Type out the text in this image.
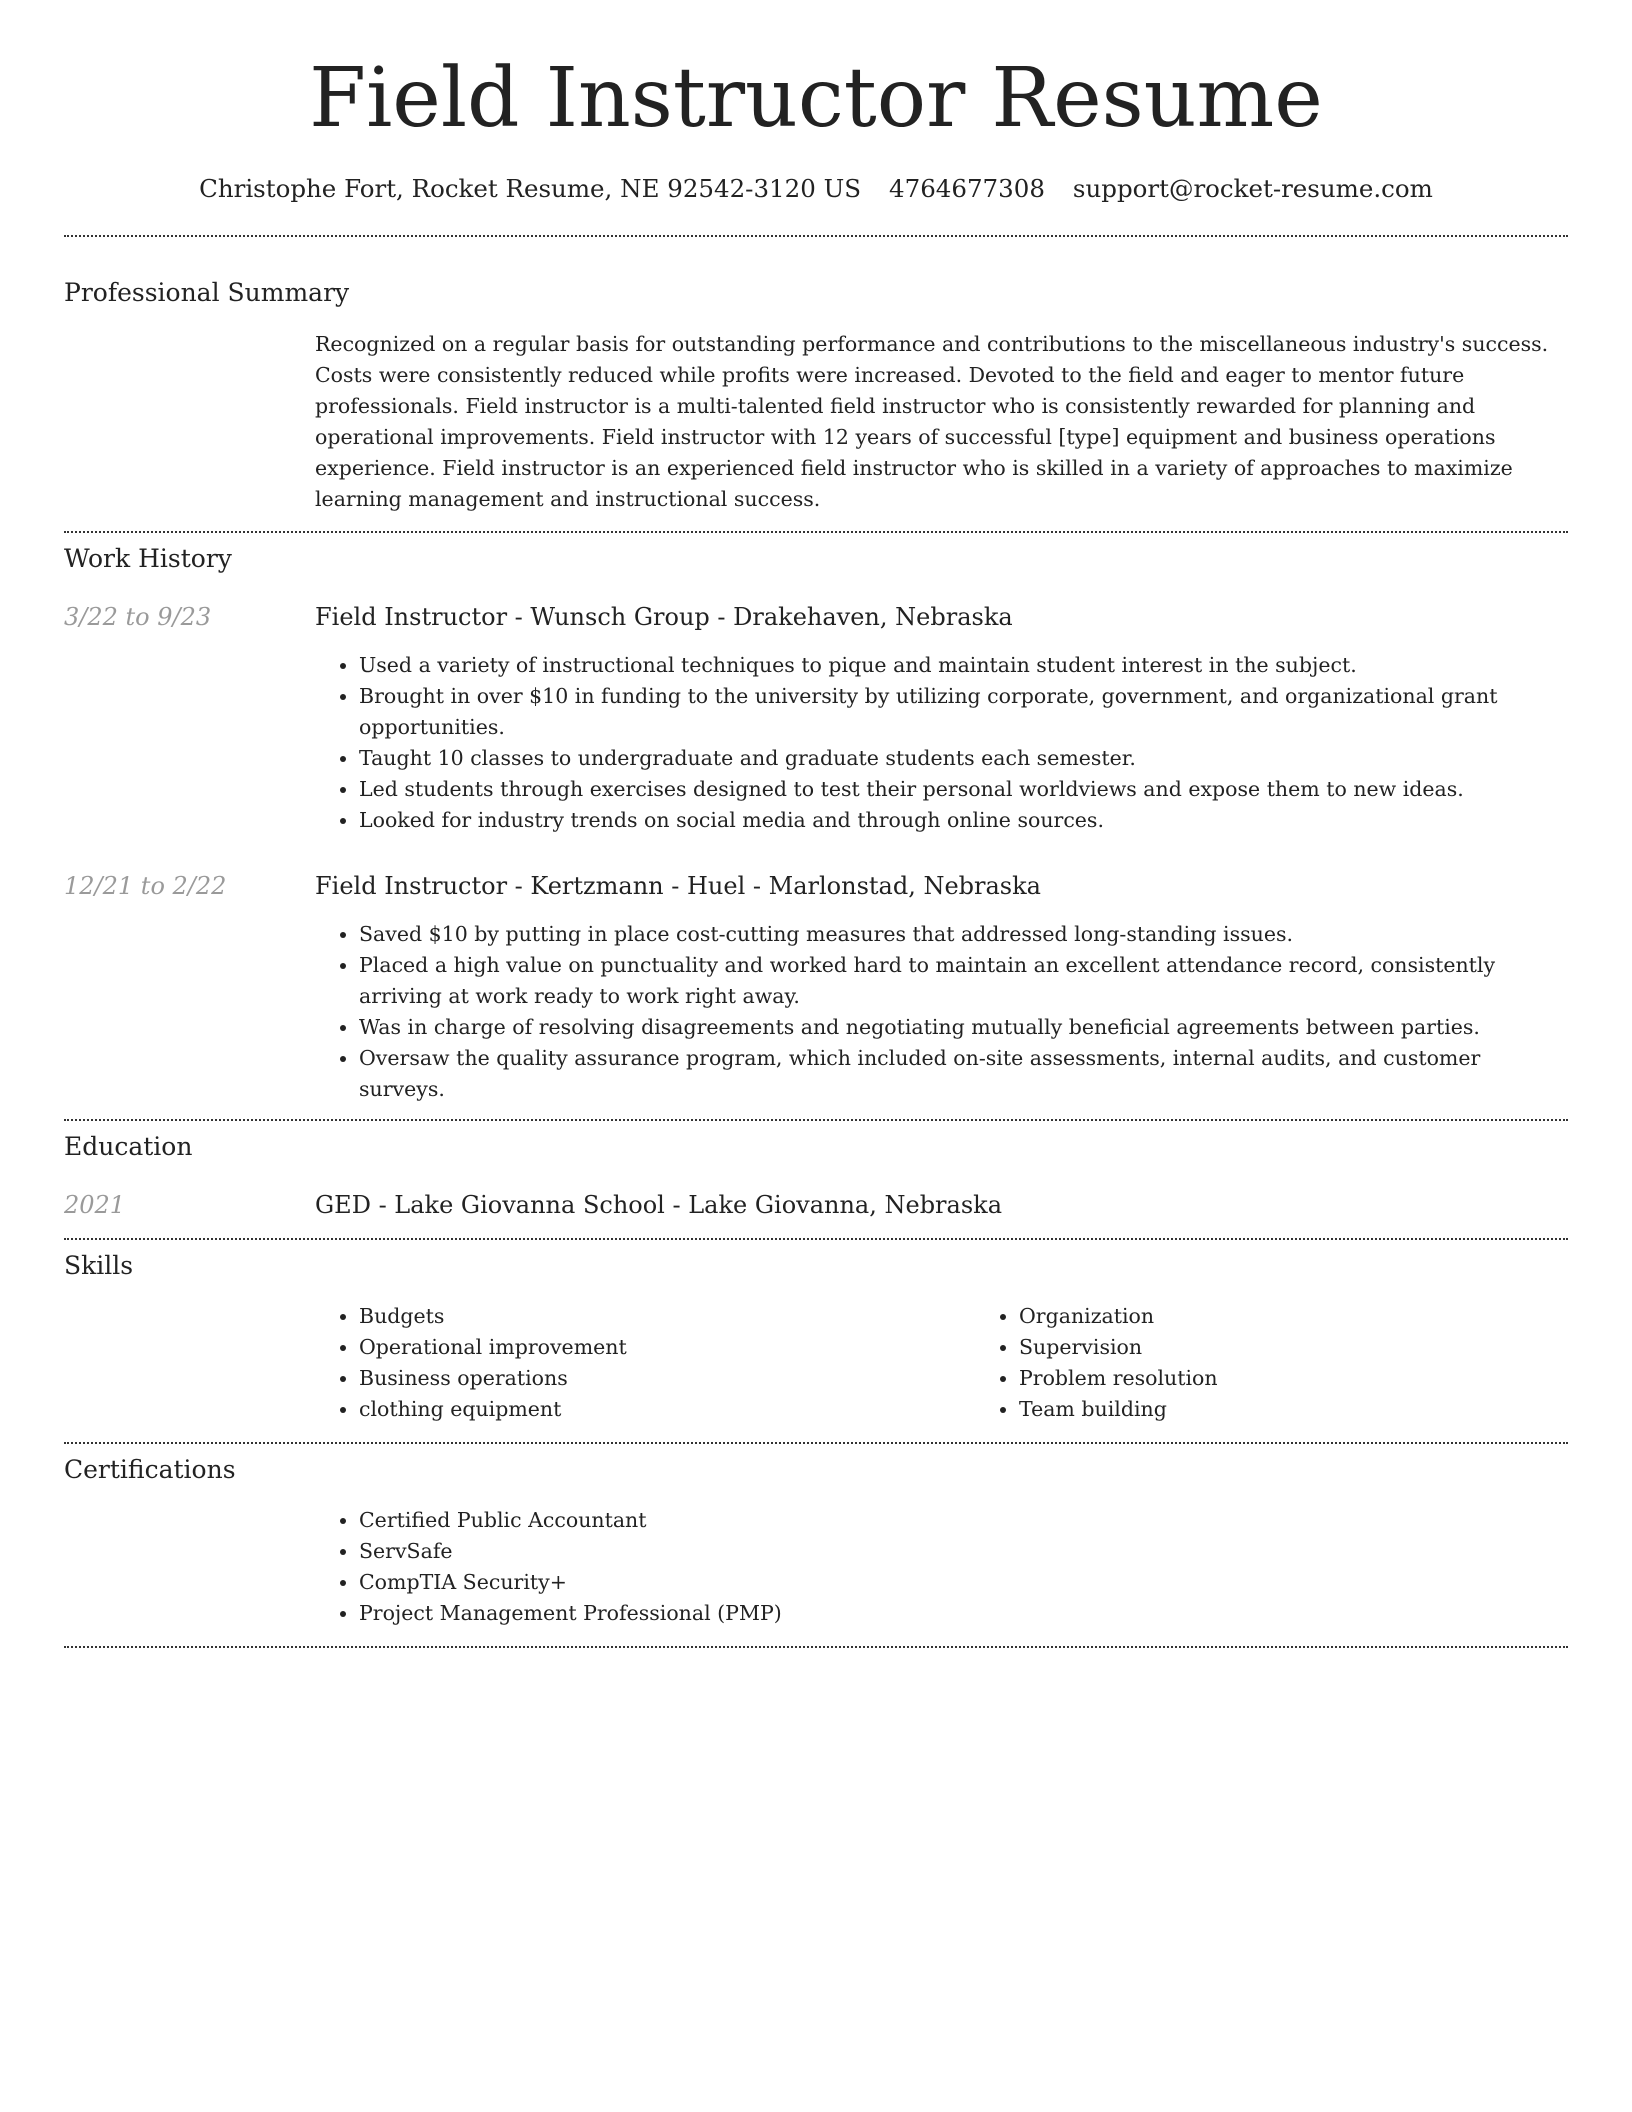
Field Instructor Resume
Christophe Fort, Rocket Resume, NE 92542-3120 US 4764677308 support@rocket-resume.com
Professional Summary

Recognized on a regular basis for outstanding performance and contributions to the miscellaneous industry's success. Costs were consistently reduced while profits were increased. Devoted to the field and eager to mentor future professionals. Field instructor is a multi-talented field instructor who is consistently rewarded for planning and operational improvements. Field instructor with 12 years of successful [type] equipment and business operations experience. Field instructor is an experienced field instructor who is skilled in a variety of approaches to maximize learning management and instructional success.

Work History
3/22 to 9/23	Field Instructor - Wunsch Group - Drakehaven, Nebraska

• Used a variety of instructional techniques to pique and maintain student interest in the subject.
• Brought in over $10 in funding to the university by utilizing corporate, government, and organizational grant opportunities.
• Taught 10 classes to undergraduate and graduate students each semester.
• Led students through exercises designed to test their personal worldviews and expose them to new ideas.
• Looked for industry trends on social media and through online sources.
12/21 to 2/22	Field Instructor - Kertzmann - Huel - Marlonstad, Nebraska

• Saved $10 by putting in place cost-cutting measures that addressed long-standing issues.
• Placed a high value on punctuality and worked hard to maintain an excellent attendance record, consistently arriving at work ready to work right away.
• Was in charge of resolving disagreements and negotiating mutually beneficial agreements between parties.
• Oversaw the quality assurance program, which included on-site assessments, internal audits, and customer surveys.
Education
2021	GED - Lake Giovanna School - Lake Giovanna, Nebraska

Skills
• Budgets
• Operational improvement
• Business operations
• clothing equipment
• Organization
• Supervision
• Problem resolution
• Team building
Certifications
• Certified Public Accountant
• ServSafe
• CompTIA Security+
• Project Management Professional (PMP)
